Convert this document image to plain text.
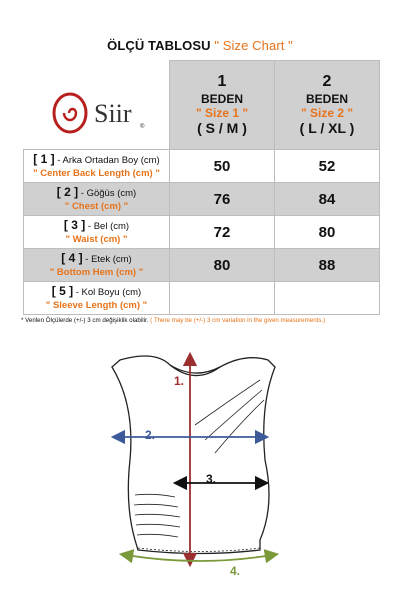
ÖLÇÜ TABLOSU " Size Chart "
Siir ®

	1
BEDEN
" Size 1 "
( S / M )	2
BEDEN
" Size 2 "
( L / XL )

[ 1 ] - Arka Ortadan Boy (cm)
" Center Back Length (cm) "	50	52
[ 2 ] - Göğüs (cm)
" Chest (cm) "	76	84
[ 3 ] - Bel (cm)
" Waist (cm) "	72	80
[ 4 ] - Etek (cm)
" Bottom Hem (cm) "	80	88
[ 5 ] - Kol Boyu (cm)
" Sleeve Length (cm) "		
* Verilen Ölçülerde (+/-) 3 cm değişiklik olabilir. ( There may be (+/-) 3 cm variation in the given measurements.)
1.
2.
3.
4.
